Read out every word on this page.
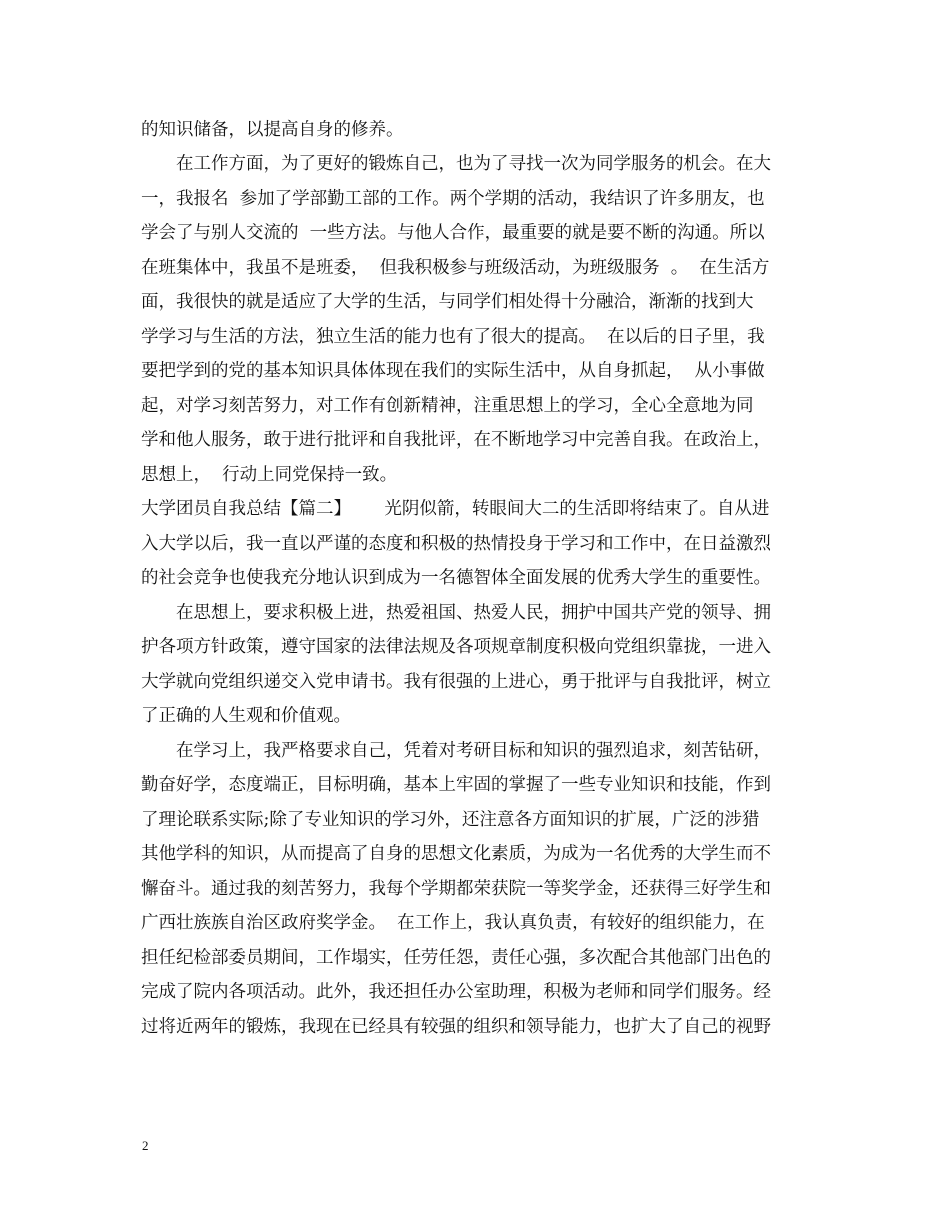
的知识储备，以提高自身的修养。
　　在工作方面，为了更好的锻炼自己，也为了寻找一次为同学服务的机会。在大
一，我报名  参加了学部勤工部的工作。两个学期的活动，我结识了许多朋友，也
学会了与别人交流的  一些方法。与他人合作，最重要的就是要不断的沟通。所以
在班集体中，我虽不是班委，  但我积极参与班级活动，为班级服务  。  在生活方
面，我很快的就是适应了大学的生活，与同学们相处得十分融洽，渐渐的找到大
学学习与生活的方法，独立生活的能力也有了很大的提高。  在以后的日子里，我
要把学到的党的基本知识具体体现在我们的实际生活中，从自身抓起，  从小事做
起，对学习刻苦努力，对工作有创新精神，注重思想上的学习，全心全意地为同
学和他人服务，敢于进行批评和自我批评，在不断地学习中完善自我。在政治上，
思想上，  行动上同党保持一致。
大学团员自我总结【篇二】      光阴似箭，转眼间大二的生活即将结束了。自从进
入大学以后，我一直以严谨的态度和积极的热情投身于学习和工作中，在日益激烈
的社会竞争也使我充分地认识到成为一名德智体全面发展的优秀大学生的重要性。
　　在思想上，要求积极上进，热爱祖国、热爱人民，拥护中国共产党的领导、拥
护各项方针政策，遵守国家的法律法规及各项规章制度积极向党组织靠拢，一进入
大学就向党组织递交入党申请书。我有很强的上进心，勇于批评与自我批评，树立
了正确的人生观和价值观。
　　在学习上，我严格要求自己，凭着对考研目标和知识的强烈追求，刻苦钻研，
勤奋好学，态度端正，目标明确，基本上牢固的掌握了一些专业知识和技能，作到
了理论联系实际;除了专业知识的学习外，还注意各方面知识的扩展，广泛的涉猎
其他学科的知识，从而提高了自身的思想文化素质，为成为一名优秀的大学生而不
懈奋斗。通过我的刻苦努力，我每个学期都荣获院一等奖学金，还获得三好学生和
广西壮族族自治区政府奖学金。  在工作上，我认真负责，有较好的组织能力，在
担任纪检部委员期间，工作塌实，任劳任怨，责任心强，多次配合其他部门出色的
完成了院内各项活动。此外，我还担任办公室助理，积极为老师和同学们服务。经
过将近两年的锻炼，我现在已经具有较强的组织和领导能力，也扩大了自己的视野
2
